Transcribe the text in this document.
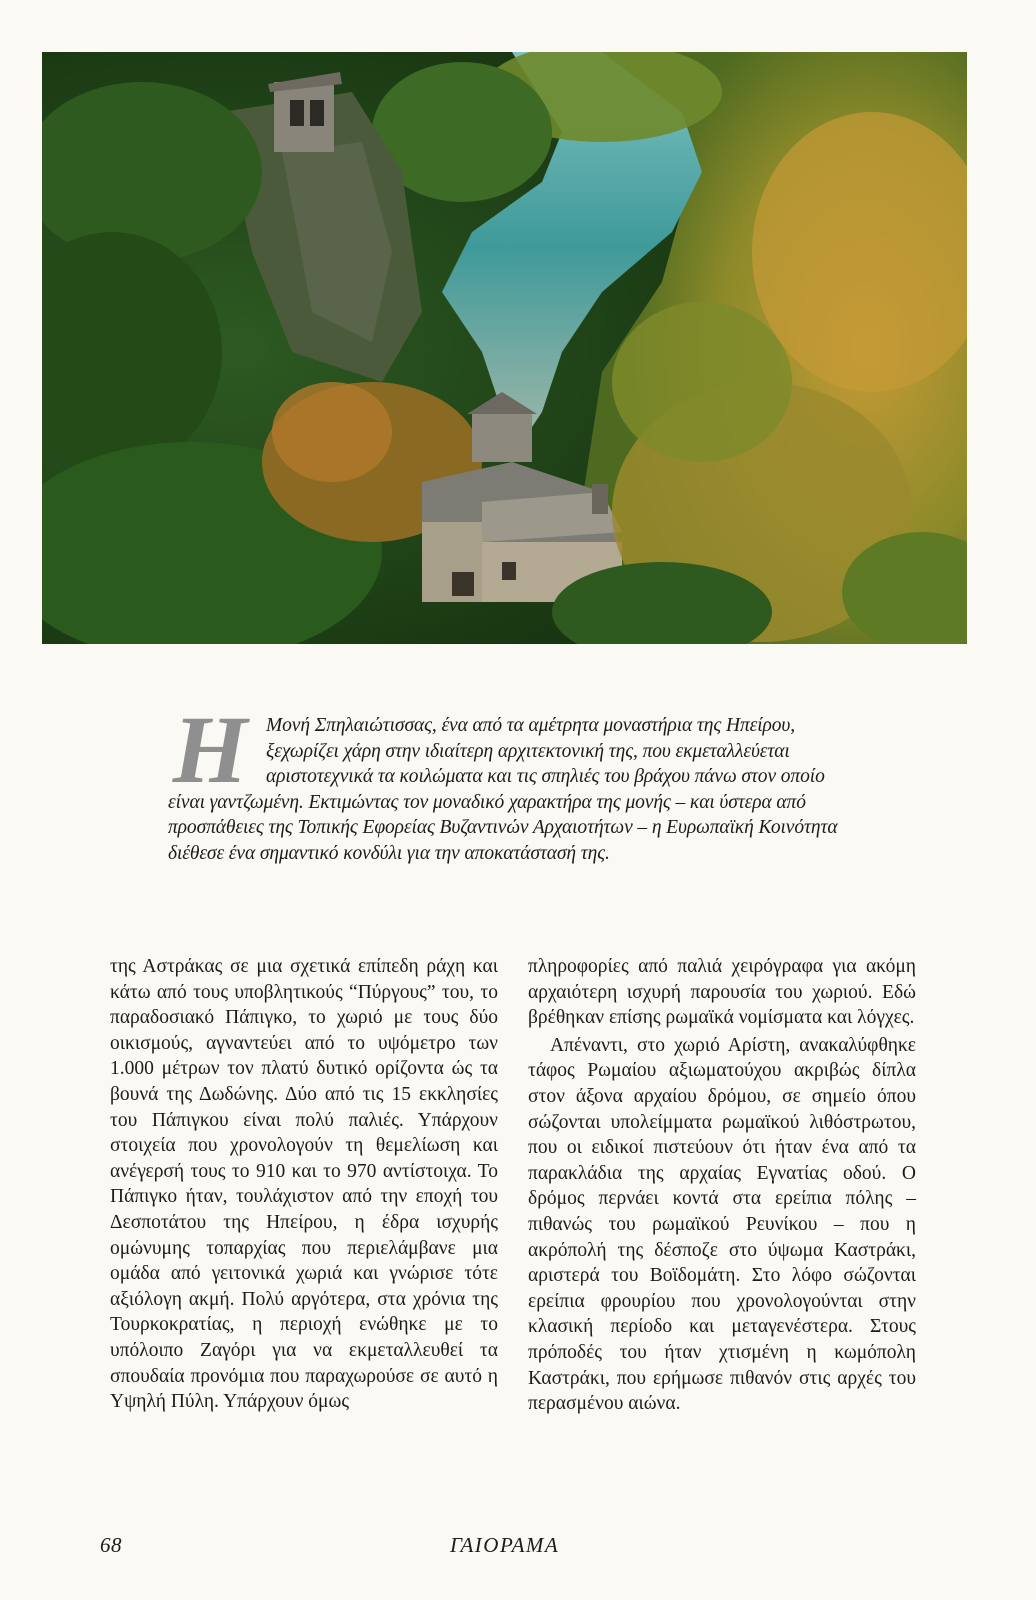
Η Μονή Σπηλαιώτισσας, ένα από τα αμέτρητα μοναστήρια της Ηπείρου, ξεχωρίζει χάρη στην ιδιαίτερη αρχιτεκτονική της, που εκμεταλλεύεται αριστοτεχνικά τα κοιλώματα και τις σπηλιές του βράχου πάνω στον οποίο είναι γαντζωμένη. Εκτιμώντας τον μοναδικό χαρακτήρα της μονής – και ύστερα από προσπάθειες της Τοπικής Εφορείας Βυζαντινών Αρχαιοτήτων – η Ευρωπαϊκή Κοινότητα διέθεσε ένα σημαντικό κονδύλι για την αποκατάστασή της.

της Αστράκας σε μια σχετικά επίπεδη ράχη και κάτω από τους υποβλητικούς “Πύργους” του, το παραδοσιακό Πάπιγκο, το χωριό με τους δύο οικισμούς, αγναντεύει από το υψόμετρο των 1.000 μέτρων τον πλατύ δυτικό ορίζοντα ώς τα βουνά της Δωδώνης. Δύο από τις 15 εκκλησίες του Πάπιγκου είναι πολύ παλιές. Υπάρχουν στοιχεία που χρονολογούν τη θεμελίωση και ανέγερσή τους το 910 και το 970 αντίστοιχα. Το Πάπιγκο ήταν, τουλάχιστον από την εποχή του Δεσποτάτου της Ηπείρου, η έδρα ισχυρής ομώνυμης τοπαρχίας που περιελάμβανε μια ομάδα από γειτονικά χωριά και γνώρισε τότε αξιόλογη ακμή. Πολύ αργότερα, στα χρόνια της Τουρκοκρατίας, η περιοχή ενώθηκε με το υπόλοιπο Ζαγόρι για να εκμεταλλευθεί τα σπουδαία προνόμια που παραχωρούσε σε αυτό η Υψηλή Πύλη. Υπάρχουν όμως

πληροφορίες από παλιά χειρόγραφα για ακόμη αρχαιότερη ισχυρή παρουσία του χωριού. Εδώ βρέθηκαν επίσης ρωμαϊκά νομίσματα και λόγχες.

Απέναντι, στο χωριό Αρίστη, ανακαλύφθηκε τάφος Ρωμαίου αξιωματούχου ακριβώς δίπλα στον άξονα αρχαίου δρόμου, σε σημείο όπου σώζονται υπολείμματα ρωμαϊκού λιθόστρωτου, που οι ειδικοί πιστεύουν ότι ήταν ένα από τα παρακλάδια της αρχαίας Εγνατίας οδού. Ο δρόμος περνάει κοντά στα ερείπια πόλης – πιθανώς του ρωμαϊκού Ρευνίκου – που η ακρόπολή της δέσποζε στο ύψωμα Καστράκι, αριστερά του Βοϊδομάτη. Στο λόφο σώζονται ερείπια φρουρίου που χρονολογούνται στην κλασική περίοδο και μεταγενέστερα. Στους πρόποδές του ήταν χτισμένη η κωμόπολη Καστράκι, που ερήμωσε πιθανόν στις αρχές του περασμένου αιώνα.

68	ΓΑΙΟΡΑΜΑ
